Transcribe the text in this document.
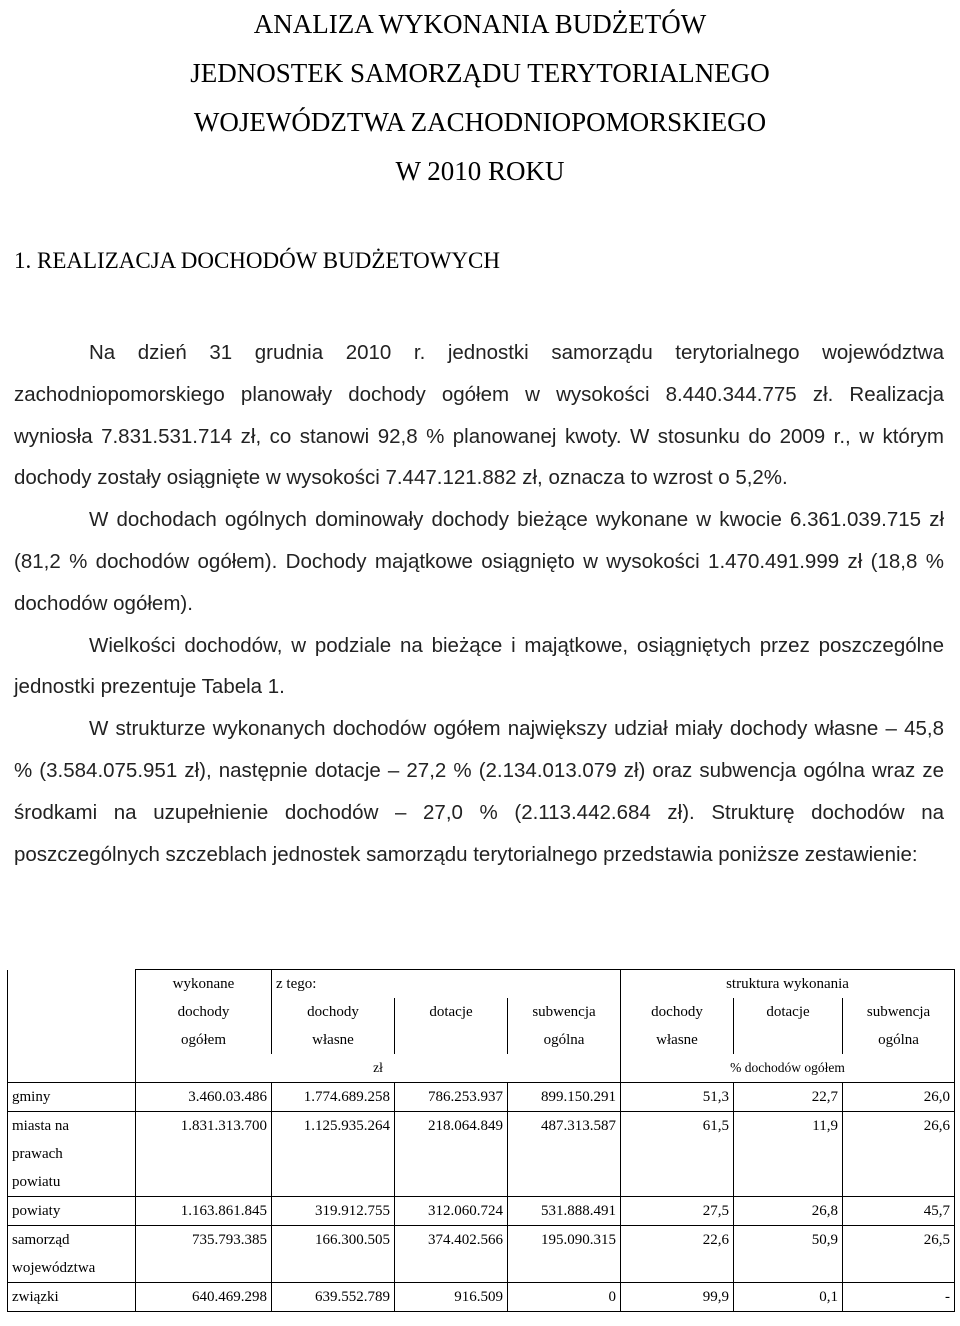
ANALIZA WYKONANIA BUDŻETÓW

JEDNOSTEK SAMORZĄDU TERYTORIALNEGO

WOJEWÓDZTWA ZACHODNIOPOMORSKIEGO

W 2010 ROKU

1. REALIZACJA DOCHODÓW BUDŻETOWYCH

Na dzień 31 grudnia 2010 r. jednostki samorządu terytorialnego województwa zachodniopomorskiego planowały dochody ogółem w wysokości 8.440.344.775 zł. Realizacja wyniosła 7.831.531.714 zł, co stanowi 92,8 % planowanej kwoty. W stosunku do 2009 r., w którym dochody zostały osiągnięte w wysokości 7.447.121.882 zł, oznacza to wzrost o 5,2%.

W dochodach ogólnych dominowały dochody bieżące wykonane w kwocie 6.361.039.715 zł (81,2 % dochodów ogółem). Dochody majątkowe osiągnięto w wysokości 1.470.491.999 zł (18,8 % dochodów ogółem).

Wielkości dochodów, w podziale na bieżące i majątkowe, osiągniętych przez poszczególne jednostki prezentuje Tabela 1.

W strukturze wykonanych dochodów ogółem największy udział miały dochody własne – 45,8 % (3.584.075.951 zł), następnie dotacje – 27,2 % (2.134.013.079 zł) oraz subwencja ogólna wraz ze środkami na uzupełnienie dochodów – 27,0 % (2.113.442.684 zł). Strukturę dochodów na poszczególnych szczeblach jednostek samorządu terytorialnego przedstawia poniższe zestawienie:

	wykonane	z tego:			struktura wykonania		
	dochody	dochody	dotacje	subwencja	dochody	dotacje	subwencja
	ogółem	własne		ogólna	własne		ogólna
	zł				% dochodów ogółem		
gminy	3.460.03.486	1.774.689.258	786.253.937	899.150.291	51,3	22,7	26,0

miasta na
prawach
powiatu	1.831.313.700	1.125.935.264	218.064.849	487.313.587	61,5	11,9	26,6
powiaty	1.163.861.845	319.912.755	312.060.724	531.888.491	27,5	26,8	45,7

samorząd
województwa	735.793.385	166.300.505	374.402.566	195.090.315	22,6	50,9	26,5
związki	640.469.298	639.552.789	916.509	0	99,9	0,1	-
